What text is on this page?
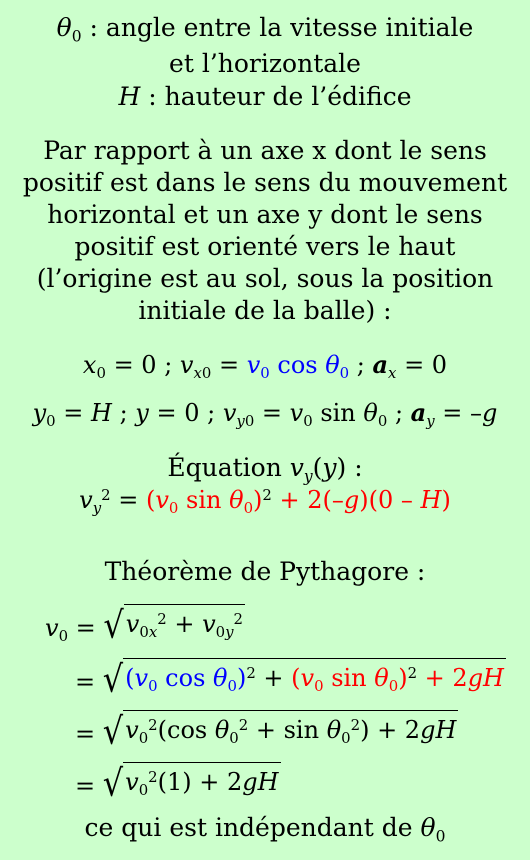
$\theta_0$ : angle entre la vitesse initiale
et l’horizontale
H : hauteur de l’édifice
Par rapport à un axe x dont le sens
positif est dans le sens du mouvement
horizontal et un axe y dont le sens
positif est orienté vers le haut
(l’origine est au sol, sous la position
initiale de la balle) :
$x_0 = 0$ ; $v_{x0} = v_0$ $\cos \theta_0$ ; $a_x = 0$
$y_0 = H$ ; y = 0 ; $v_{y0} = v_0$ $\sin \theta_0$ ; $a_y = -g$
Équation $v_y(y)$ :
$v_y^2 = (v_0$ $\sin \theta_0)^2 + 2(-g)(0 - H)$
Théorème de Pythagore :
$v_0$ = √ $v_{0x}^2 + v_{0y}^2$
= √ ($v_0$ $\cos \theta_0)^2 + (v_0$ $\sin \theta_0)^2 + 2gH$
= √ $v_0^2(\cos$ $\theta_0^2 + \sin \theta_0^2) + 2gH$
= √ $v_0^2(1) + 2gH$
ce qui est indépendant de $\theta_0$
